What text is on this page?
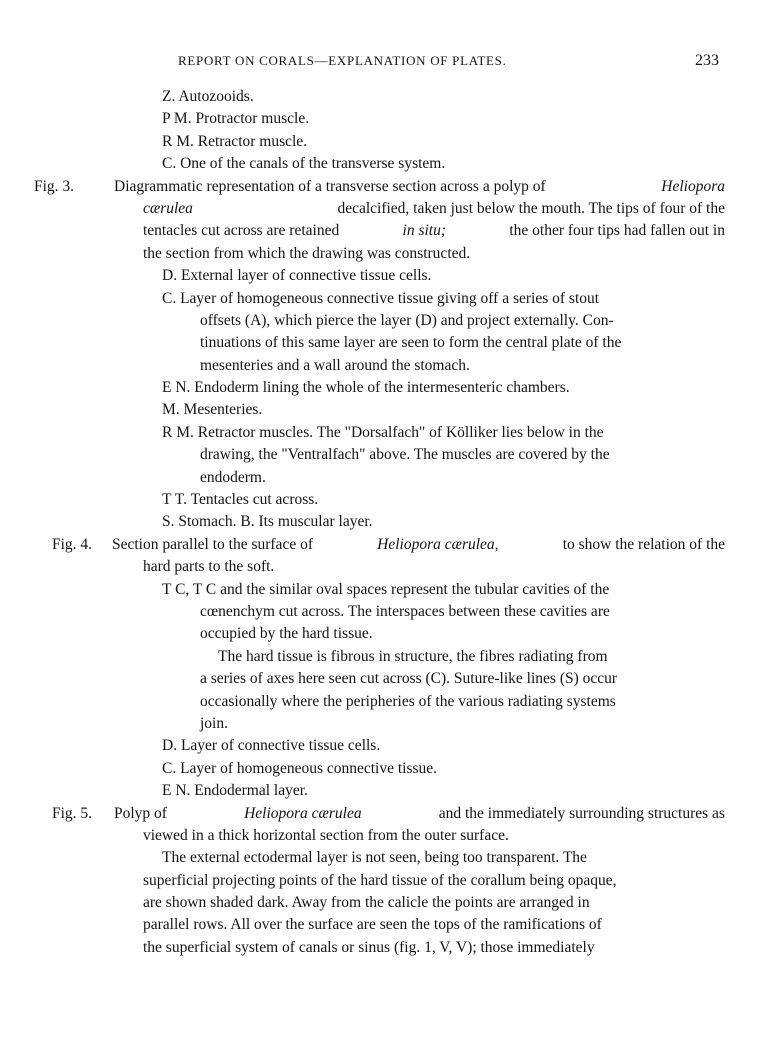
REPORT ON CORALS—EXPLANATION OF PLATES.	233
Z. Autozooids.
P M. Protractor muscle.
R M. Retractor muscle.
C. One of the canals of the transverse system.
Fig. 3.	Diagrammatic representation of a transverse section across a polyp of	Heliopora
cærulea	decalcified, taken just below the mouth. The tips of four of the
tentacles cut across are retained	in situ;	the other four tips had fallen out in
the section from which the drawing was constructed.
D. External layer of connective tissue cells.
C. Layer of homogeneous connective tissue giving off a series of stout
offsets (A), which pierce the layer (D) and project externally. Con-
tinuations of this same layer are seen to form the central plate of the
mesenteries and a wall around the stomach.
E N. Endoderm lining the whole of the intermesenteric chambers.
M. Mesenteries.
R M. Retractor muscles. The "Dorsalfach" of Kölliker lies below in the
drawing, the "Ventralfach" above. The muscles are covered by the
endoderm.
T T. Tentacles cut across.
S. Stomach. B. Its muscular layer.
Fig. 4.	Section parallel to the surface of	Heliopora cærulea,	to show the relation of the
hard parts to the soft.
T C, T C and the similar oval spaces represent the tubular cavities of the
cœnenchym cut across. The interspaces between these cavities are
occupied by the hard tissue.
The hard tissue is fibrous in structure, the fibres radiating from
a series of axes here seen cut across (C). Suture-like lines (S) occur
occasionally where the peripheries of the various radiating systems
join.
D. Layer of connective tissue cells.
C. Layer of homogeneous connective tissue.
E N. Endodermal layer.
Fig. 5.	Polyp of	Heliopora cærulea	and the immediately surrounding structures as
viewed in a thick horizontal section from the outer surface.
The external ectodermal layer is not seen, being too transparent. The
superficial projecting points of the hard tissue of the corallum being opaque,
are shown shaded dark. Away from the calicle the points are arranged in
parallel rows. All over the surface are seen the tops of the ramifications of
the superficial system of canals or sinus (fig. 1, V, V); those immediately
